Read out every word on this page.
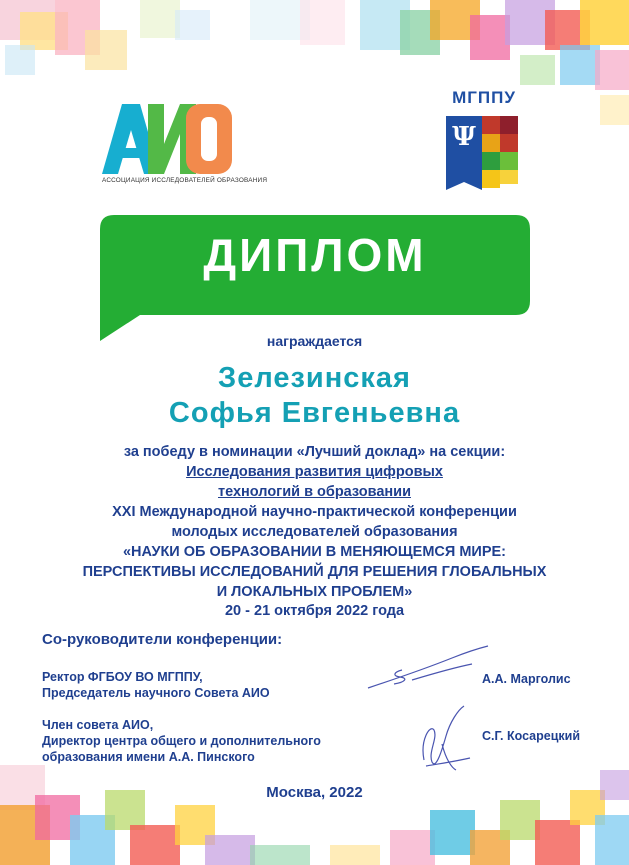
АССОЦИАЦИЯ ИССЛЕДОВАТЕЛЕЙ ОБРАЗОВАНИЯ
МГППУ
Ψ
ДИПЛОМ
награждается
Зелезинская
Софья Евгеньевна
за победу в номинации «Лучший доклад» на секции:
Исследования развития цифровых
технологий в образовании
XXI Международной научно-практической конференции
молодых исследователей образования
«НАУКИ ОБ ОБРАЗОВАНИИ В МЕНЯЮЩЕМСЯ МИРЕ:
ПЕРСПЕКТИВЫ ИССЛЕДОВАНИЙ ДЛЯ РЕШЕНИЯ ГЛОБАЛЬНЫХ
И ЛОКАЛЬНЫХ ПРОБЛЕМ»
20 - 21 октября 2022 года
Со-руководители конференции:
Ректор ФГБОУ ВО МГППУ,
Председатель научного Совета АИО
А.А. Марголис
Член совета АИО,
Директор центра общего и дополнительного
образования имени А.А. Пинского
С.Г. Косарецкий
Москва, 2022
